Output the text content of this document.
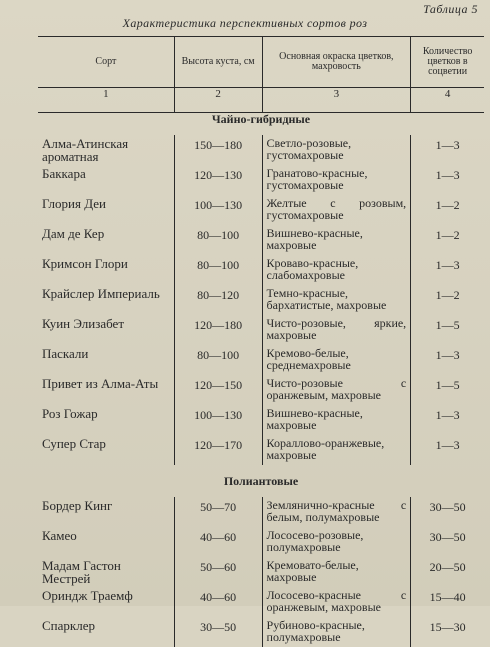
Таблица 5
Характеристика перспективных сортов роз
Сорт	Высота куста, см	Основная окраска цветков, махровость	Количество цветков в соцветии
1	2	3	4
Чайно-гибридные			
Алма-Атинская ароматная	150—180	Светло-розовые, густомахровые	1—3
Баккара	120—130	Гранатово-красные, густомахровые	1—3
Глория Деи	100—130	Желтые с розовым, густомахровые	1—2
Дам де Кер	80—100	Вишнево-красные, махровые	1—2
Кримсон Глори	80—100	Кроваво-красные, слабомахровые	1—3
Крайслер Империаль	80—120	Темно-красные, бархатистые, махровые	1—2
Куин Элизабет	120—180	Чисто-розовые, яркие, махровые	1—5
Паскали	80—100	Кремово-белые, среднемахровые	1—3
Привет из Алма-Аты	120—150	Чисто-розовые с оранжевым, махровые	1—5
Роз Гожар	100—130	Вишнево-красные, махровые	1—3
Супер Стар	120—170	Кораллово-оранжевые, махровые	1—3

Полиантовые			
Бордер Кинг	50—70	Землянично-красные с белым, полумахровые	30—50
Камео	40—60	Лососево-розовые, полумахровые	30—50
Мадам Гастон Местрей	50—60	Кремовато-белые, махровые	20—50
Ориндж Траемф	40—60	Лососево-красные с оранжевым, махровые	15—40
Спарклер	30—50	Рубиново-красные, полумахровые	15—30
